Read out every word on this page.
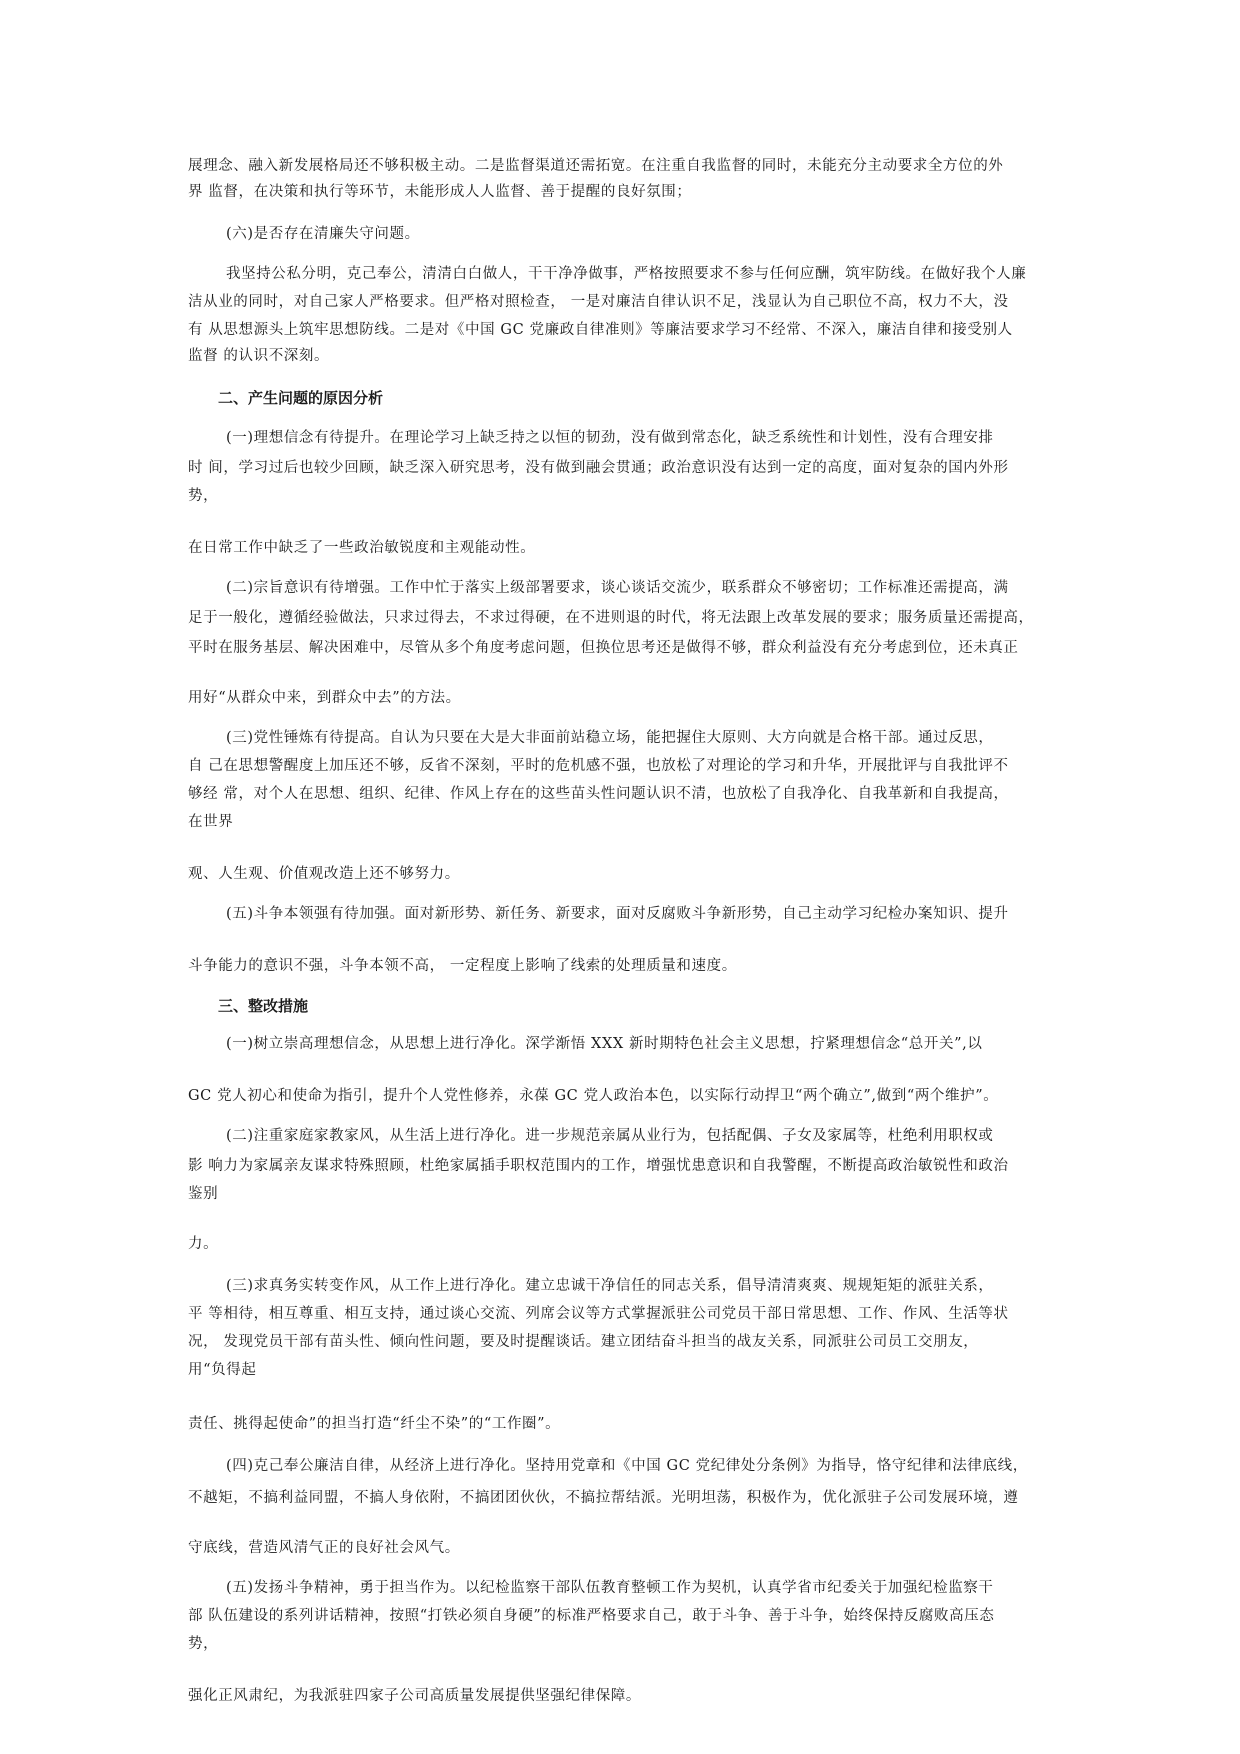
展理念、融入新发展格局还不够积极主动。二是监督渠道还需拓宽。在注重自我监督的同时，未能充分主动要求全方位的外
界 监督，在决策和执行等环节，未能形成人人监督、善于提醒的良好氛围；
(六)是否存在清廉失守问题。
我坚持公私分明，克己奉公，清清白白做人，干干净净做事，严格按照要求不参与任何应酬，筑牢防线。在做好我个人廉
洁从业的同时，对自己家人严格要求。但严格对照检查， 一是对廉洁自律认识不足，浅显认为自己职位不高，权力不大，没
有 从思想源头上筑牢思想防线。二是对《中国 GC 党廉政自律准则》等廉洁要求学习不经常、不深入，廉洁自律和接受别人
监督 的认识不深刻。
二、产生问题的原因分析
(一)理想信念有待提升。在理论学习上缺乏持之以恒的韧劲，没有做到常态化，缺乏系统性和计划性，没有合理安排
时 间，学习过后也较少回顾，缺乏深入研究思考，没有做到融会贯通；政治意识没有达到一定的高度，面对复杂的国内外形
势，
在日常工作中缺乏了一些政治敏锐度和主观能动性。
(二)宗旨意识有待增强。工作中忙于落实上级部署要求，谈心谈话交流少，联系群众不够密切；工作标准还需提高，满
足于一般化，遵循经验做法，只求过得去，不求过得硬，在不进则退的时代，将无法跟上改革发展的要求；服务质量还需提高，
平时在服务基层、解决困难中，尽管从多个角度考虑问题，但换位思考还是做得不够，群众利益没有充分考虑到位，还未真正
用好“从群众中来，到群众中去”的方法。
(三)党性锤炼有待提高。自认为只要在大是大非面前站稳立场，能把握住大原则、大方向就是合格干部。通过反思，
自 己在思想警醒度上加压还不够，反省不深刻，平时的危机感不强，也放松了对理论的学习和升华，开展批评与自我批评不
够经 常，对个人在思想、组织、纪律、作风上存在的这些苗头性问题认识不清，也放松了自我净化、自我革新和自我提高，
在世界
观、人生观、价值观改造上还不够努力。
(五)斗争本领强有待加强。面对新形势、新任务、新要求，面对反腐败斗争新形势，自己主动学习纪检办案知识、提升
斗争能力的意识不强，斗争本领不高， 一定程度上影响了线索的处理质量和速度。
三、整改措施
(一)树立崇高理想信念，从思想上进行净化。深学渐悟 XXX 新时期特色社会主义思想，拧紧理想信念“总开关”,以
GC 党人初心和使命为指引，提升个人党性修养，永葆 GC 党人政治本色，以实际行动捍卫“两个确立”,做到“两个维护”。
(二)注重家庭家教家风，从生活上进行净化。进一步规范亲属从业行为，包括配偶、子女及家属等，杜绝利用职权或
影 响力为家属亲友谋求特殊照顾，杜绝家属插手职权范围内的工作，增强忧患意识和自我警醒，不断提高政治敏锐性和政治
鉴别
力。
(三)求真务实转变作风，从工作上进行净化。建立忠诚干净信任的同志关系，倡导清清爽爽、规规矩矩的派驻关系，
平 等相待，相互尊重、相互支持，通过谈心交流、列席会议等方式掌握派驻公司党员干部日常思想、工作、作风、生活等状
况， 发现党员干部有苗头性、倾向性问题，要及时提醒谈话。建立团结奋斗担当的战友关系，同派驻公司员工交朋友，
用“负得起
责任、挑得起使命”的担当打造“纤尘不染”的“工作圈”。
(四)克己奉公廉洁自律，从经济上进行净化。坚持用党章和《中国 GC 党纪律处分条例》为指导，恪守纪律和法律底线，
不越矩，不搞利益同盟，不搞人身依附，不搞团团伙伙，不搞拉帮结派。光明坦荡，积极作为，优化派驻子公司发展环境，遵
守底线，营造风清气正的良好社会风气。
(五)发扬斗争精神，勇于担当作为。以纪检监察干部队伍教育整顿工作为契机，认真学省市纪委关于加强纪检监察干
部 队伍建设的系列讲话精神，按照“打铁必须自身硬”的标准严格要求自己，敢于斗争、善于斗争，始终保持反腐败高压态
势，
强化正风肃纪，为我派驻四家子公司高质量发展提供坚强纪律保障。
